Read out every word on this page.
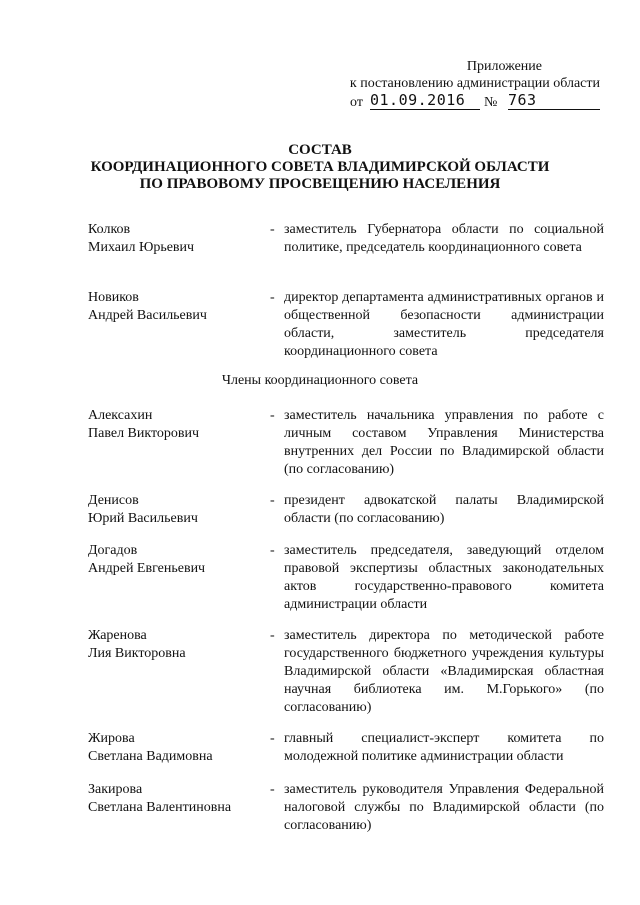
Приложение
к постановлению администрации области
от 01.09.2016	№ 763
СОСТАВ
КООРДИНАЦИОННОГО СОВЕТА ВЛАДИМИРСКОЙ ОБЛАСТИ
ПО ПРАВОВОМУ ПРОСВЕЩЕНИЮ НАСЕЛЕНИЯ
Колков
Михаил Юрьевич
- заместитель Губернатора области по социальной политике, председатель координационного совета
Новиков
Андрей Васильевич
- директор департамента административных органов и общественной безопасности администрации области, заместитель председателя координационного совета
Члены координационного совета
Алексахин
Павел Викторович
- заместитель начальника управления по работе с личным составом Управления Министерства внутренних дел России по Владимирской области (по согласованию)
Денисов
Юрий Васильевич
- президент адвокатской палаты Владимирской области (по согласованию)
Догадов
Андрей Евгеньевич
- заместитель председателя, заведующий отделом правовой экспертизы областных законодательных актов государственно-правового комитета администрации области
Жаренова
Лия Викторовна
- заместитель директора по методической работе государственного бюджетного учреждения культуры Владимирской области «Владимирская областная научная библиотека им. М.Горького» (по согласованию)
Жирова
Светлана Вадимовна
- главный специалист-эксперт комитета по молодежной политике администрации области
Закирова
Светлана Валентиновна
- заместитель руководителя Управления Федеральной налоговой службы по Владимирской области (по согласованию)
